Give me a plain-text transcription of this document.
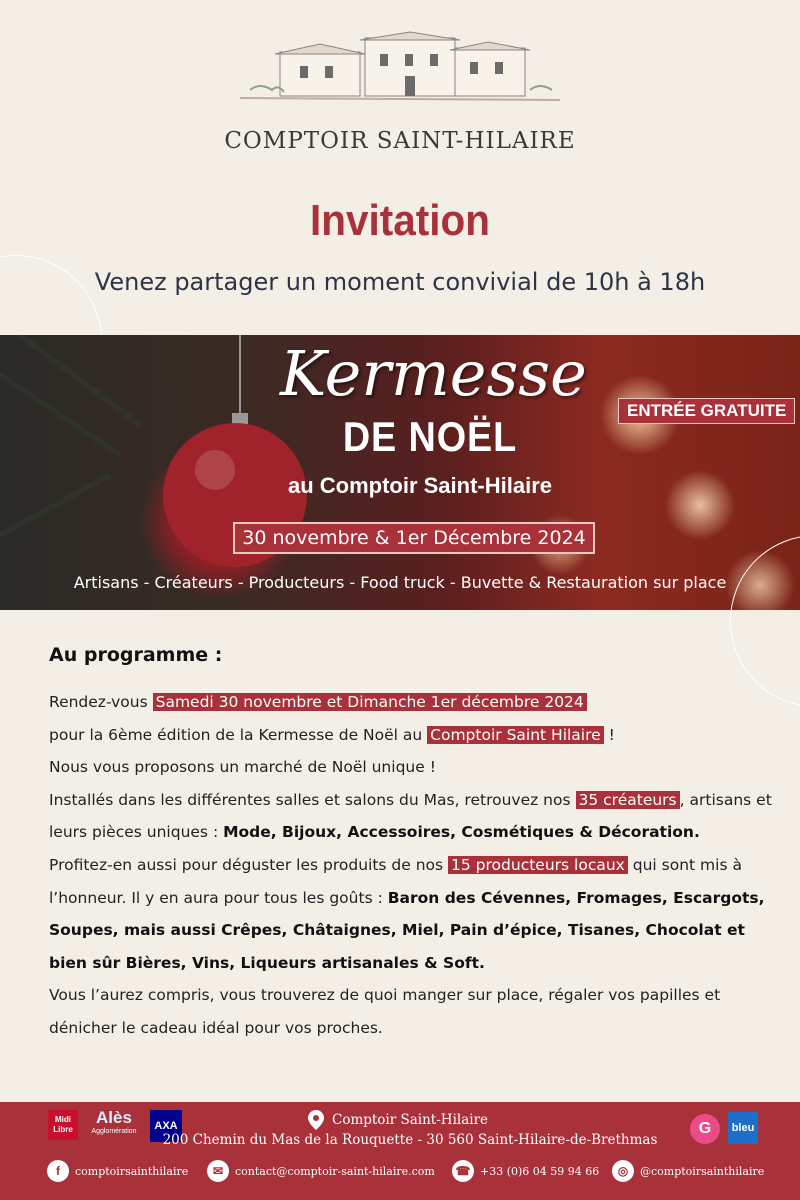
COMPTOIR SAINT-HILAIRE
Invitation
Venez partager un moment convivial de 10h à 18h
Kermesse
DE NOËL
au Comptoir Saint-Hilaire
ENTRÉE GRATUITE
30 novembre & 1er Décembre 2024
Artisans - Créateurs - Producteurs - Food truck - Buvette & Restauration sur place
Au programme :

Rendez-vous Samedi 30 novembre et Dimanche 1er décembre 2024

pour la 6ème édition de la Kermesse de Noël au Comptoir Saint Hilaire !

Nous vous proposons un marché de Noël unique !

Installés dans les différentes salles et salons du Mas, retrouvez nos 35 créateurs , artisans et leurs pièces uniques : Mode, Bijoux, Accessoires, Cosmétiques & Décoration.

Profitez-en aussi pour déguster les produits de nos 15 producteurs locaux qui sont mis à l’honneur. Il y en aura pour tous les goûts : Baron des Cévennes, Fromages, Escargots, Soupes, mais aussi Crêpes, Châtaignes, Miel, Pain d’épice, Tisanes, Chocolat et bien sûr Bières, Vins, Liqueurs artisanales & Soft.

Vous l’aurez compris, vous trouverez de quoi manger sur place, régaler vos papilles et dénicher le cadeau idéal pour vos proches.

Midi Libre
Alès
Agglomération	AXA	Comptoir Saint-Hilaire
200 Chemin du Mas de la Rouquette - 30 560 Saint-Hilaire-de-Brethmas
G	bleu
f	comptoirsainthilaire	✉	contact@comptoir-saint-hilaire.com ☎ +33 (0)6 04 59 94 66	◎	@comptoirsainthilaire
